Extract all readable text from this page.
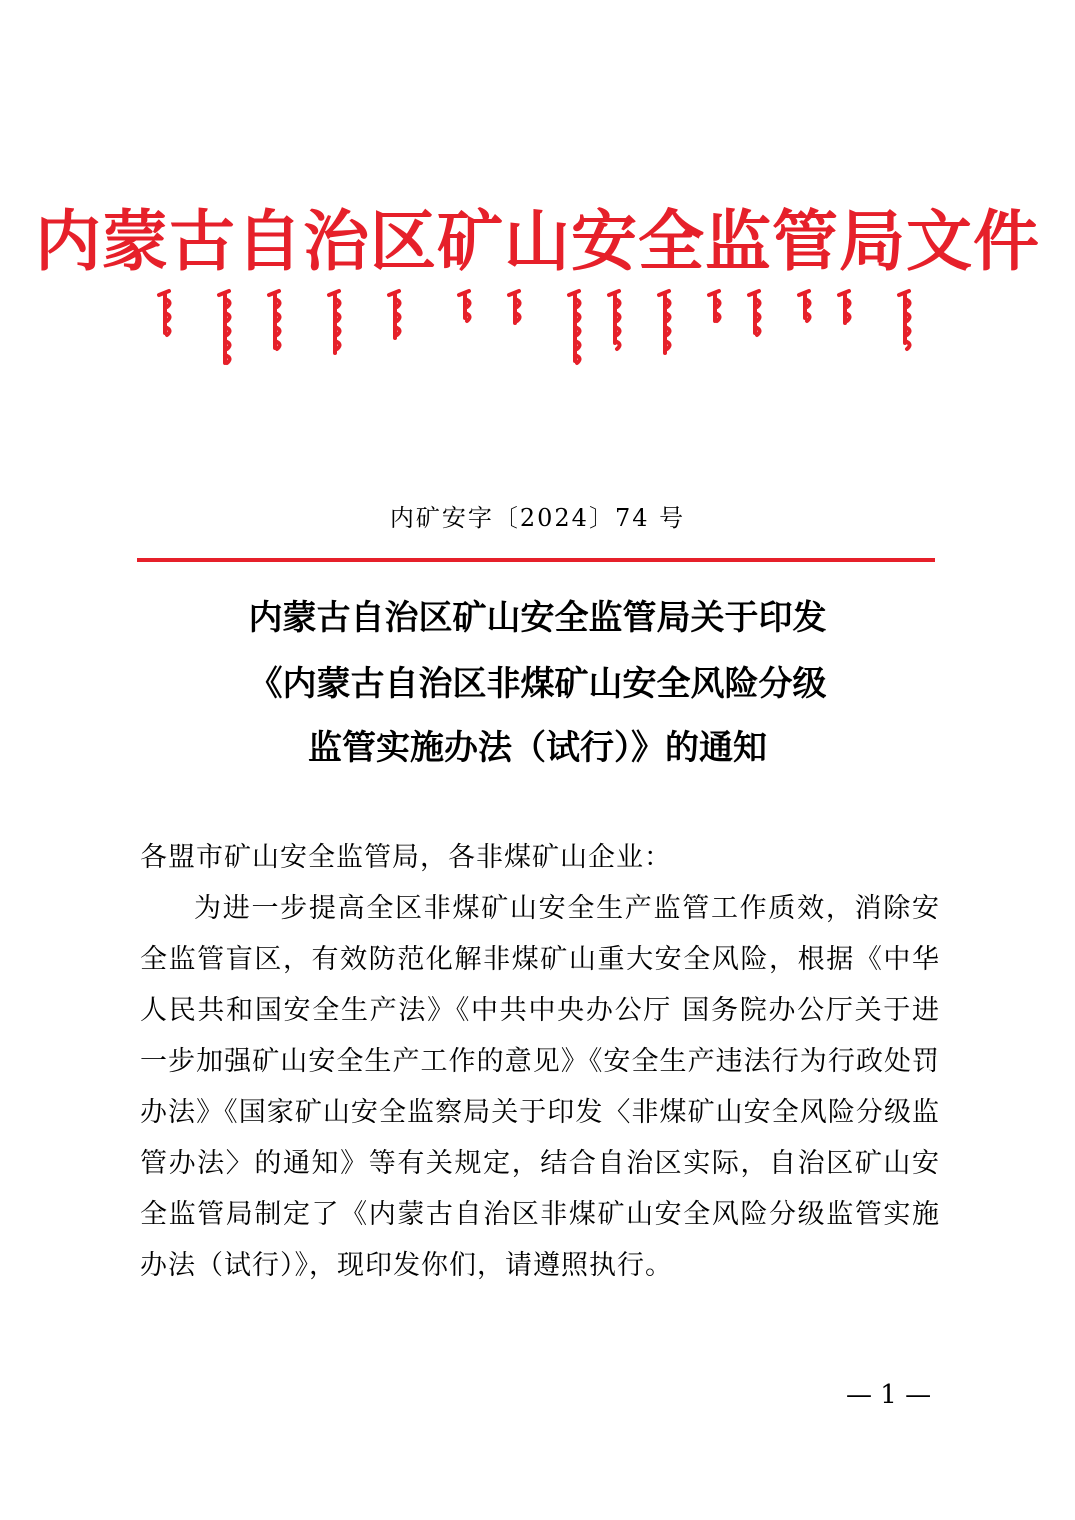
内蒙古自治区矿山安全监管局文件
内矿安字〔2024〕74 号
内蒙古自治区矿山安全监管局关于印发
《内蒙古自治区非煤矿山安全风险分级
监管实施办法（试行）》的通知
各盟市矿山安全监管局，各非煤矿山企业：
为进一步提高全区非煤矿山安全生产监管工作质效，消除安全监管盲区，有效防范化解非煤矿山重大安全风险，根据《中华人民共和国安全生产法》《中共中央办公厅 国务院办公厅关于进一步加强矿山安全生产工作的意见》《安全生产违法行为行政处罚办法》《国家矿山安全监察局关于印发〈非煤矿山安全风险分级监管办法〉的通知》等有关规定，结合自治区实际，自治区矿山安全监管局制定了《内蒙古自治区非煤矿山安全风险分级监管实施办法（试行）》，现印发你们，请遵照执行。
— 1 —
